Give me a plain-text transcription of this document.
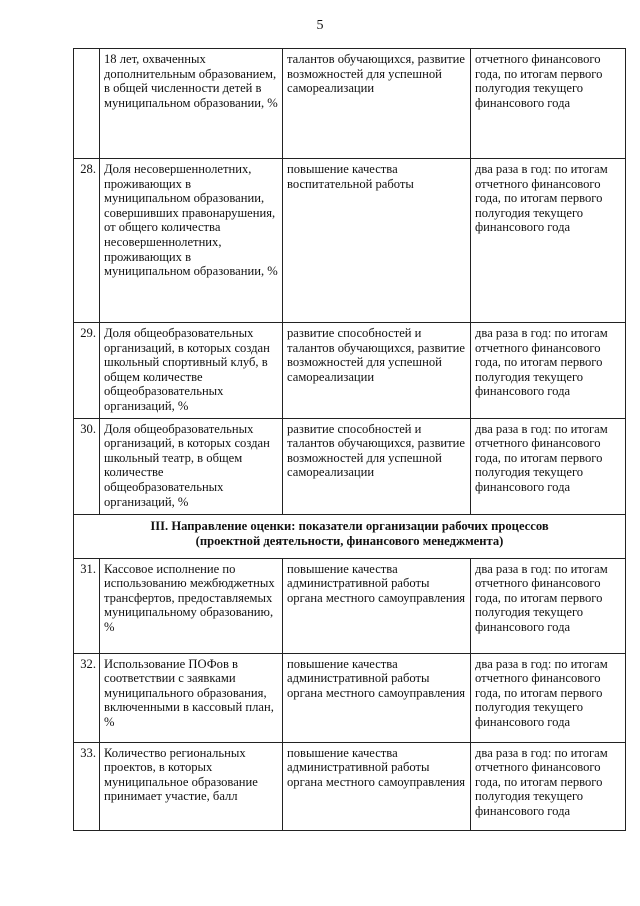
5
	18 лет, охваченных дополнительным образованием, в общей численности детей в муниципальном образовании, %	талантов обучающихся, развитие возможностей для успешной самореализации	отчетного финансового года, по итогам первого полугодия текущего финансового года
28.	Доля несовершеннолетних, проживающих в муниципальном образовании, совершивших правонарушения, от общего количества несовершеннолетних, проживающих в муниципальном образовании, %	повышение качества воспитательной работы	два раза в год: по итогам отчетного финансового года, по итогам первого полугодия текущего финансового года
29.	Доля общеобразовательных организаций, в которых создан школьный спортивный клуб, в общем количестве общеобразовательных организаций, %	развитие способностей и талантов обучающихся, развитие возможностей для успешной самореализации	два раза в год: по итогам отчетного финансового года, по итогам первого полугодия текущего финансового года
30.	Доля общеобразовательных организаций, в которых создан школьный театр, в общем количестве общеобразовательных организаций, %	развитие способностей и талантов обучающихся, развитие возможностей для успешной самореализации	два раза в год: по итогам отчетного финансового года, по итогам первого полугодия текущего финансового года

III. Направление оценки: показатели организации рабочих процессов
(проектной деятельности, финансового менеджмента)			

31.	Кассовое исполнение по использованию межбюджетных трансфертов, предоставляемых муниципальному образованию, %	повышение качества административной работы органа местного самоуправления	два раза в год: по итогам отчетного финансового года, по итогам первого полугодия текущего финансового года
32.	Использование ПОФов в соответствии с заявками муниципального образования, включенными в кассовый план, %	повышение качества административной работы органа местного самоуправления	два раза в год: по итогам отчетного финансового года, по итогам первого полугодия текущего финансового года
33.	Количество региональных проектов, в которых муниципальное образование принимает участие, балл	повышение качества административной работы органа местного самоуправления	два раза в год: по итогам отчетного финансового года, по итогам первого полугодия текущего финансового года
